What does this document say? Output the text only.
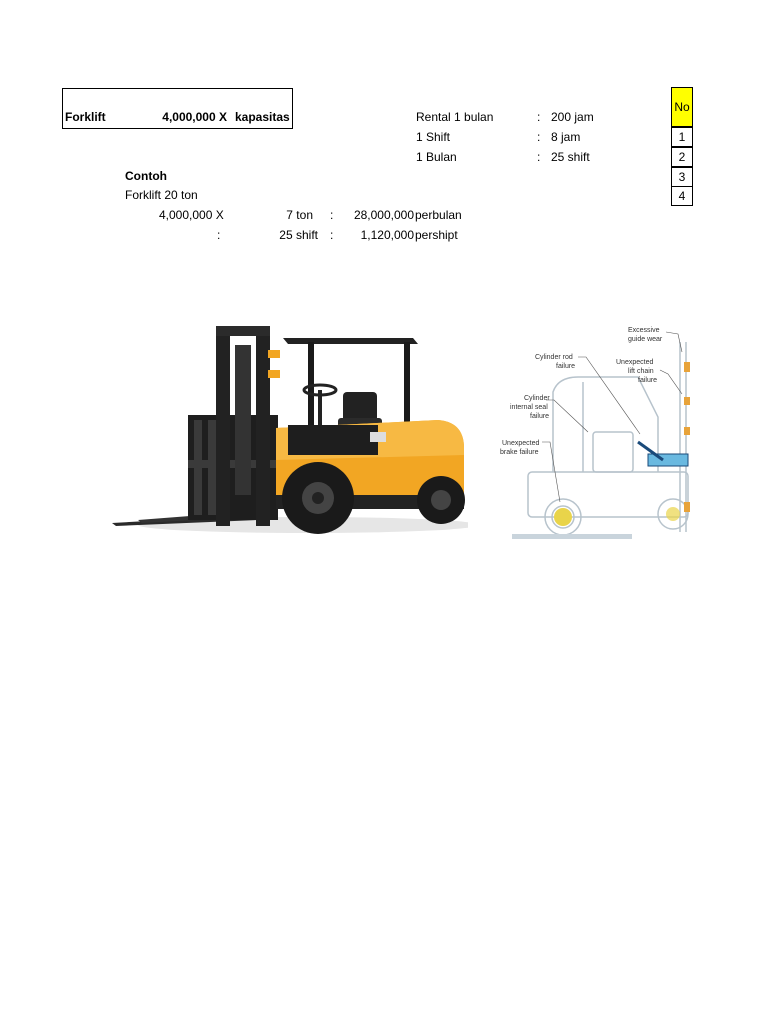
Forklift	4,000,000 X kapasitas	Rental 1 bulan	: 200 jam
1 Shift	: 8 jam
1 Bulan	: 25 shift
No
1
2
3
4
Contoh
Forklift 20 ton
4,000,000 X	7 ton :	28,000,000 perbulan
:	25 shift :	1,120,000 pershipt
Excessive
guide wear
Cylinder rod
failure
Unexpected
lift chain
failure
Cylinder
internal seal
failure
Unexpected
brake failure
